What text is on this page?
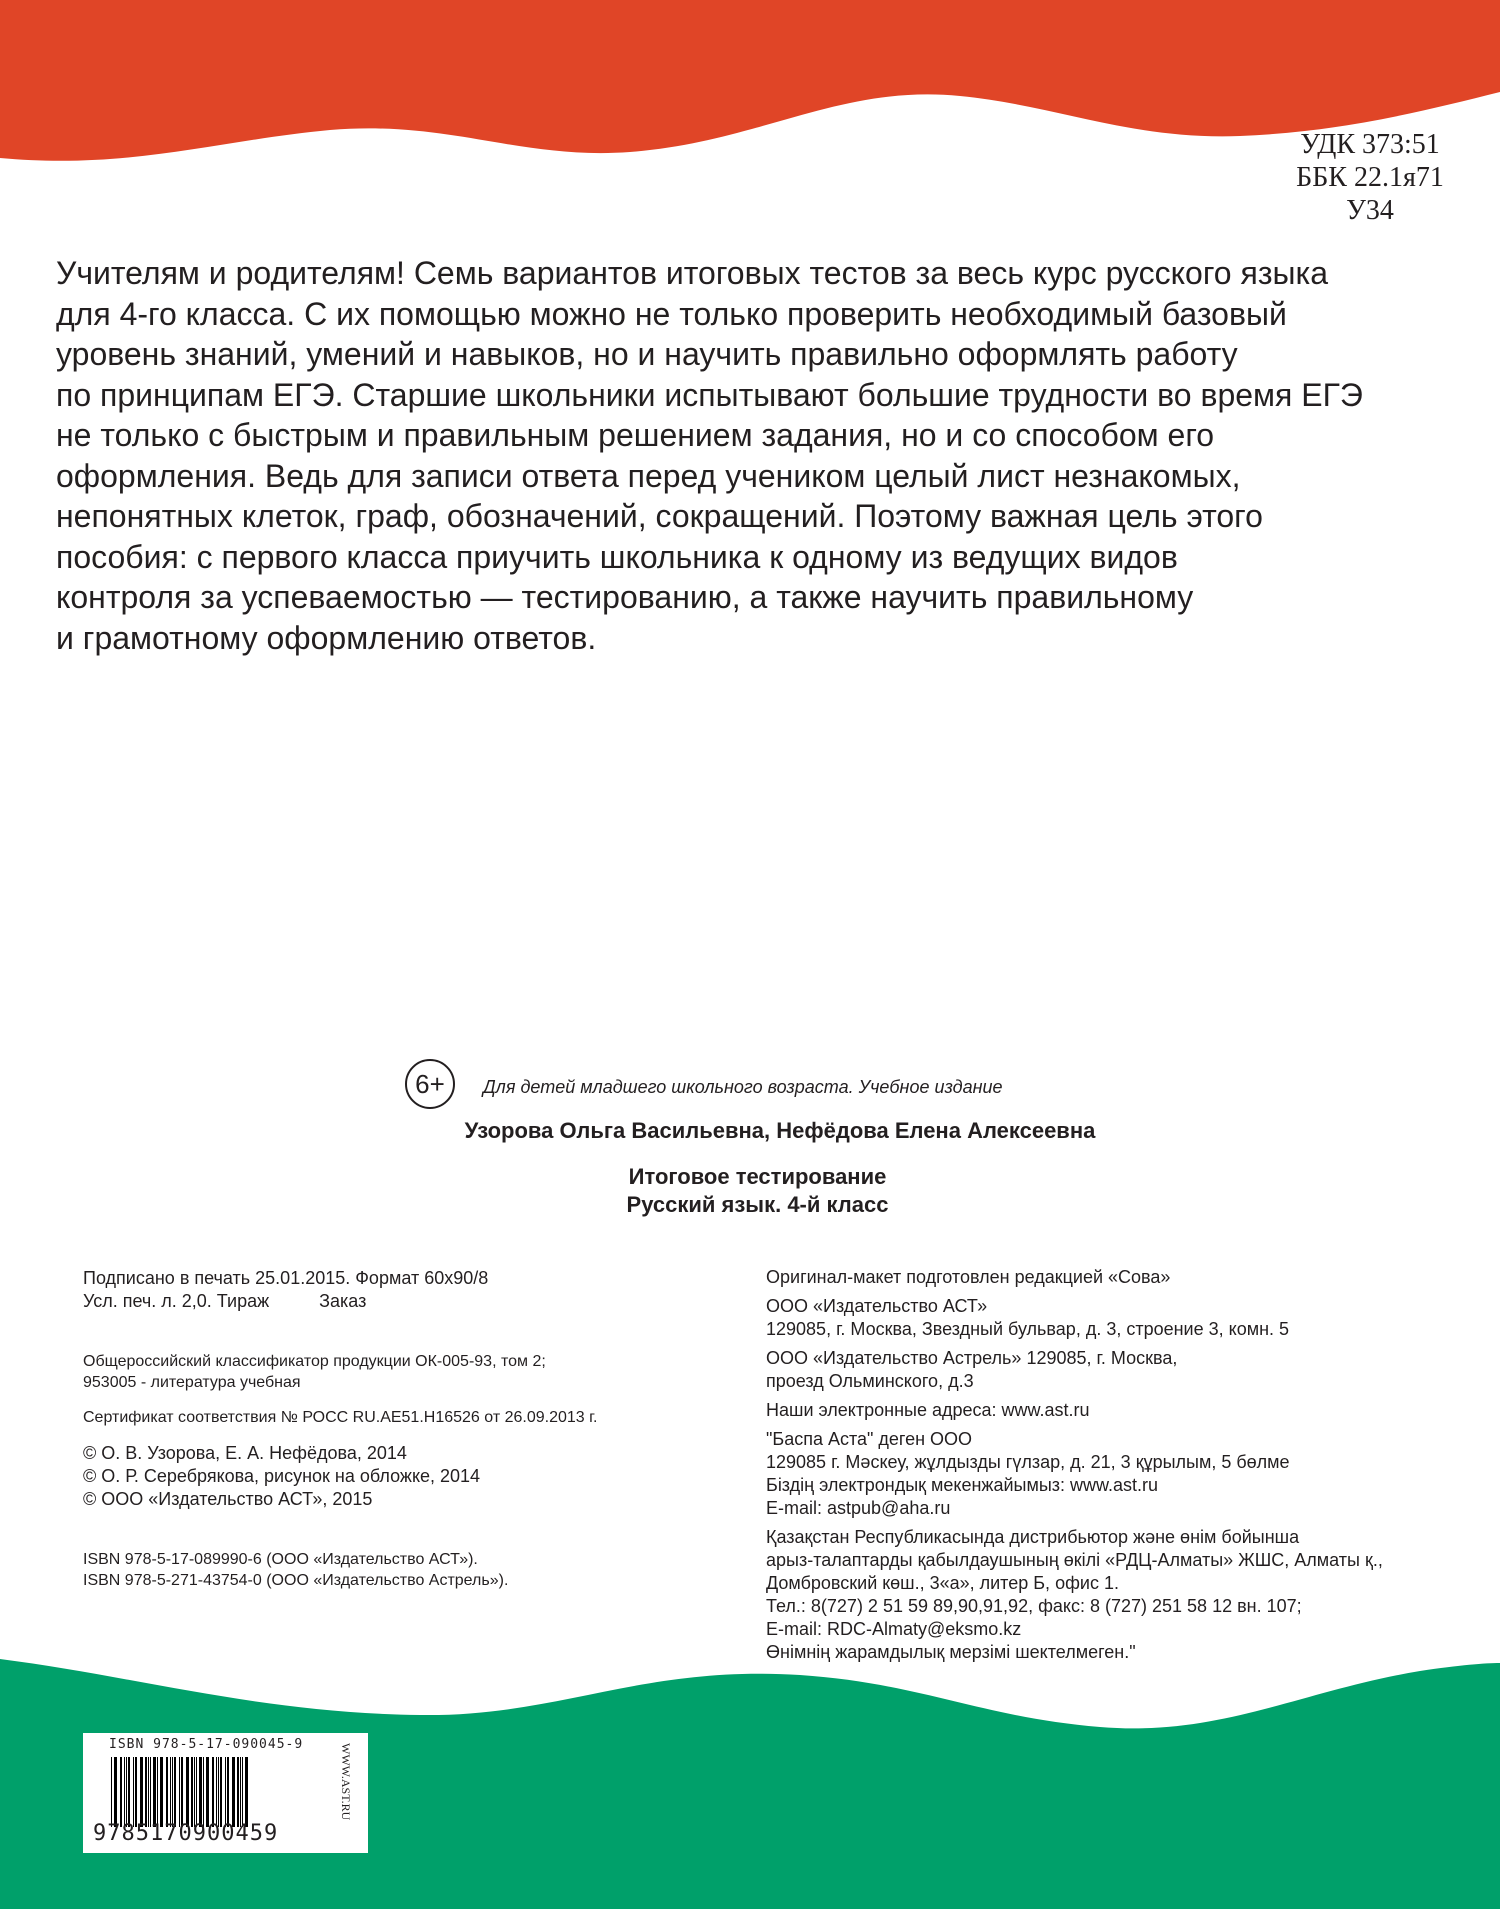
УДК 373:51
ББК 22.1я71
У34
Учителям и родителям! Семь вариантов итоговых тестов за весь курс русского языка
для 4-го класса. С их помощью можно не только проверить необходимый базовый
уровень знаний, умений и навыков, но и научить правильно оформлять работу
по принципам ЕГЭ. Старшие школьники испытывают большие трудности во время ЕГЭ
не только с быстрым и правильным решением задания, но и со способом его
оформления. Ведь для записи ответа перед учеником целый лист незнакомых,
непонятных клеток, граф, обозначений, сокращений. Поэтому важная цель этого
пособия: с первого класса приучить школьника к одному из ведущих видов
контроля за успеваемостью — тестированию, а также научить правильному
и грамотному оформлению ответов.
6+	Для детей младшего школьного возраста. Учебное издание
Узорова Ольга Васильевна, Нефёдова Елена Алексеевна
Итоговое тестирование
Русский язык. 4-й класс
Подписано в печать 25.01.2015. Формат 60х90/8
Усл. печ. л. 2,0. Тираж          Заказ
Общероссийский классификатор продукции ОК-005-93, том 2;
953005 - литература учебная
Сертификат соответствия № РОСС RU.AE51.H16526 от 26.09.2013 г.
© О. В. Узорова, Е. А. Нефёдова, 2014
© О. Р. Серебрякова, рисунок на обложке, 2014
© ООО «Издательство АСТ», 2015
ISBN 978-5-17-089990-6 (ООО «Издательство АСТ»).
ISBN 978-5-271-43754-0 (ООО «Издательство Астрель»).
Оригинал-макет подготовлен редакцией «Сова»
ООО «Издательство АСТ»
129085, г. Москва, Звездный бульвар, д. 3, строение 3, комн. 5
ООО «Издательство Астрель» 129085, г. Москва,
проезд Ольминского, д.3
Наши электронные адреса: www.ast.ru
"Баспа Аста" деген ООО
129085 г. Мәскеу, жұлдызды гүлзар, д. 21, 3 құрылым, 5 бөлме
Біздің электрондық мекенжайымыз: www.ast.ru
E-mail: astpub@aha.ru
Қазақстан Республикасында дистрибьютор және өнім бойынша
арыз-талаптарды қабылдаушының өкілі «РДЦ-Алматы» ЖШС, Алматы қ.,
Домбровский көш., 3«а», литер Б, офис 1.
Тел.: 8(727) 2 51 59 89,90,91,92, факс: 8 (727) 251 58 12 вн. 107;
E-mail: RDC-Almaty@eksmo.kz
Өнімнің жарамдылық мерзімі шектелмеген."
ISBN 978-5-17-090045-9
9785170900459
WWW.AST.RU
